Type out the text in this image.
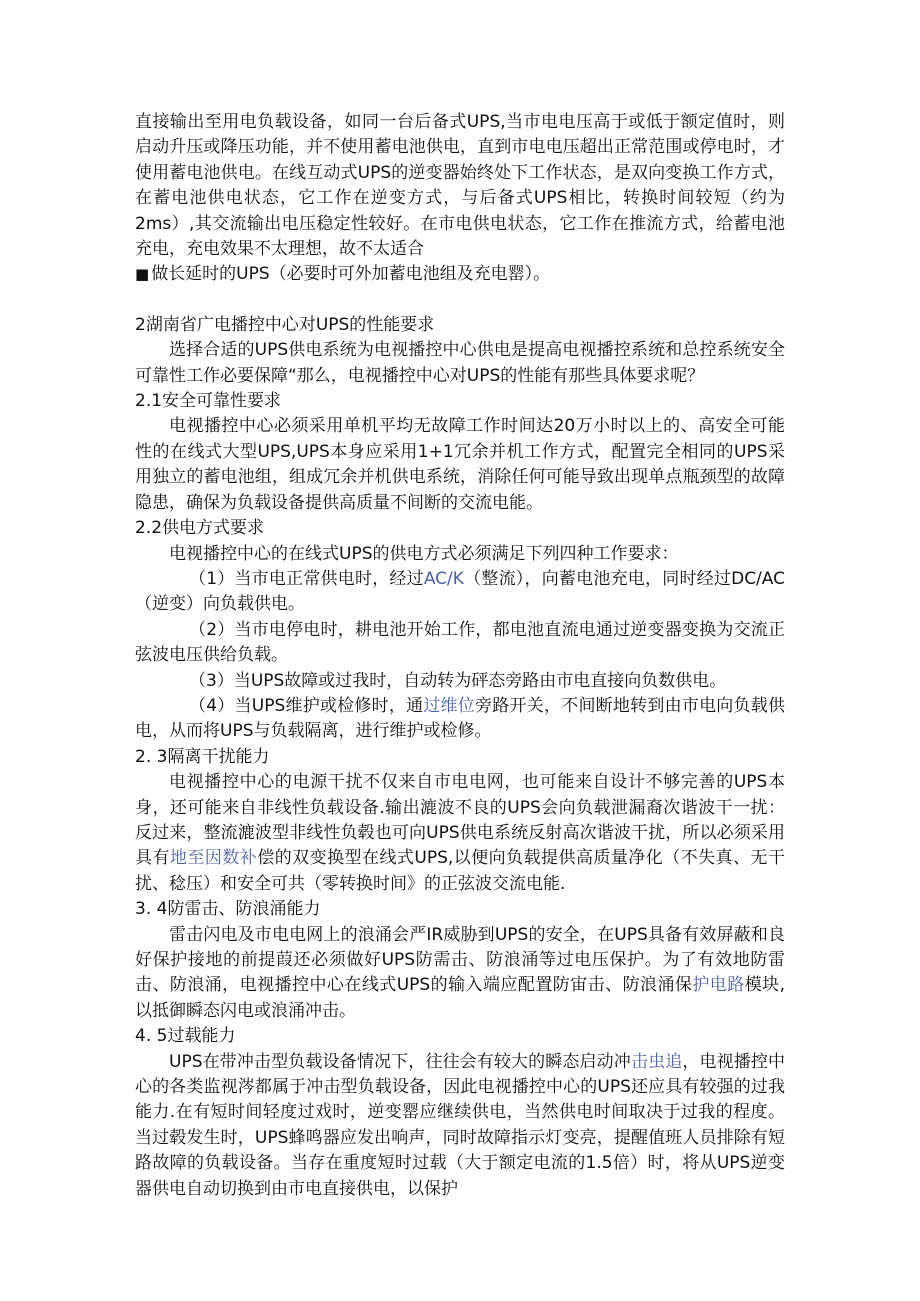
直接输出至用电负载设备，如同一台后备式UPS,当市电电压高于或低于额定值时，则启动升压或降压功能，并不使用蓄电池供电，直到市电电压超出正常范围或停电时，才使用蓄电池供电。在线互动式UPS的逆变器始终处下工作状态，是双向变换工作方式，在蓄电池供电状态，它工作在逆变方式，与后备式UPS相比，转换时间较短（约为2ms）,其交流输出电压稳定性较好。在市电供电状态，它工作在推流方式，给蓄电池充电，充电效果不太理想，故不太适合
■ 做长延时的UPS（必要时可外加蓄电池组及充电罂）。

2湖南省广电播控中心对UPS的性能要求

选择合适的UPS供电系统为电视播控中心供电是提高电视播控系统和总控系统安全可靠性工作必要保障“那么，电视播控中心对UPS的性能有那些具体要求呢？

2.1安全可靠性要求

电视播控中心必须采用单机平均无故障工作时间达20万小时以上的、高安全可能性的在线式大型UPS,UPS本身应采用1+1冗余并机工作方式，配置完全相同的UPS采用独立的蓄电池组，组成冗余并机供电系统，消除任何可能导致出现单点瓶颈型的故障隐患，确保为负载设备提供高质量不间断的交流电能。

2.2供电方式要求

电视播控中心的在线式UPS的供电方式必须满足下列四种工作要求：

（1）当市电正常供电时，经过AC/K（整流），向蓄电池充电，同时经过DC/AC（逆变）向负载供电。

（2）当市电停电时，耕电池开始工作，都电池直流电通过逆变器变换为交流正弦波电压供给负载。

（3）当UPS故障或过我时，自动转为砰态旁路由市电直接向负数供电。

（4）当UPS维护或检修时，通过维位旁路开关，不间断地转到由市电向负载供电，从而将UPS与负载隔离，进行维护或检修。

2. 3隔离干扰能力

电视播控中心的电源干扰不仅来自市电电网，也可能来自设计不够完善的UPS本身，还可能来自非线性负载设备.输出漉波不良的UPS会向负载泄漏裔次谐波干一扰：反过来，整流漉波型非线性负毂也可向UPS供电系统反射高次谐波干扰，所以必须采用具有地至因数补偿的双变换型在线式UPS,以便向负载提供高质量净化（不失真、无干扰、稔压）和安全可共（零转换时间》的正弦波交流电能.

3. 4防雷击、防浪涌能力

雷击闪电及市电电网上的浪涌会严IR威胁到UPS的安全，在UPS具备有效屏蔽和良好保护接地的前提葭还必须做好UPS防需击、防浪涌等过电压保护。为了有效地防雷击、防浪涌，电视播控中心在线式UPS的输入端应配置防宙击、防浪涌保护电路模块,以抵御瞬态闪电或浪涌冲击。

4. 5过载能力

UPS在带冲击型负载设备情况下，往往会有较大的瞬态启动冲击虫追，电视播控中心的各类监视涔都属于冲击型负载设备，因此电视播控中心的UPS还应具有较强的过我能力.在有短时间轻度过戏时，逆变罂应继续供电，当然供电时间取决于过我的程度。当过毂发生时，UPS蜂鸣器应发出响声，同时故障指示灯变亮，提醒值班人员排除有短路故障的负载设备。当存在重度短时过载（大于额定电流的1.5倍）时，将从UPS逆变器供电自动切换到由市电直接供电，以保护
